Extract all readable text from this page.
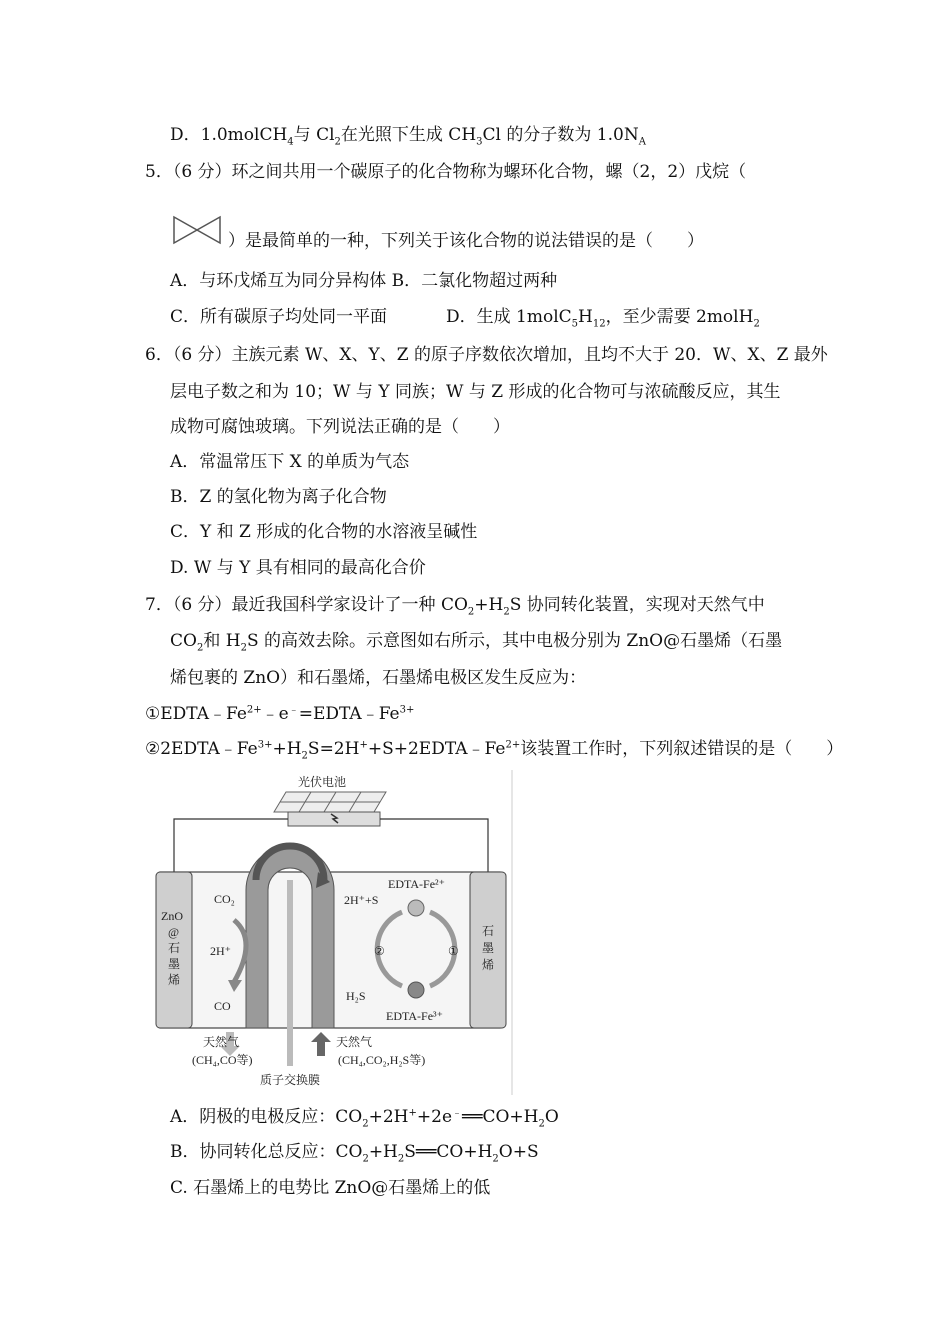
D．1.0molCH$_4$与 $Cl_2$在光照下生成 $CH_3Cl$ 的分子数为 $1.0N_A$
5．（6 分）环之间共用一个碳原子的化合物称为螺环化合物，螺（2，2）戊烷（
）是最简单的一种，下列关于该化合物的说法错误的是（　　）
A．与环戊烯互为同分异构体 B．二氯化物超过两种
C．所有碳原子均处同一平面	D．生成 $1molC_5H_{12}$，至少需要 2molH$_2$
6．（6 分）主族元素 W、X、Y、Z 的原子序数依次增加，且均不大于 20．W、X、Z 最外
层电子数之和为 10；W 与 Y 同族；W 与 Z 形成的化合物可与浓硫酸反应，其生
成物可腐蚀玻璃。下列说法正确的是（　　）
A．常温常压下 X 的单质为气态
B．Z 的氢化物为离子化合物
C．Y 和 Z 形成的化合物的水溶液呈碱性
D. W 与 Y 具有相同的最高化合价
7．（6 分）最近我国科学家设计了一种 $CO_2+H_2S$ 协同转化装置，实现对天然气中
$CO_2$和 $H_2S$ 的高效去除。示意图如右所示，其中电极分别为 ZnO@石墨烯（石墨
烯包裹的 ZnO）和石墨烯，石墨烯电极区发生反应为：
$①EDTA﹣Fe^{2+}﹣e^﹣=EDTA﹣Fe^{3+}$
$②2EDTA﹣Fe^{3+}+H_2S=2H^++S+2EDTA﹣Fe^{2+}$该装置工作时，下列叙述错误的是（　　）
光伏电池
ZnO
@
石
墨
烯
石
墨
烯
CO₂
2H⁺
CO
2H⁺+S
EDTA-Fe²⁺
EDTA-Fe³⁺
②	①
H₂S
天然气
(CH₄,CO等)
天然气
(CH₄,CO₂,H₂S等)
质子交换膜
A．阴极的电极反应：$CO_2+2H^++2e^﹣══CO+H_2O$
B．协同转化总反应：$CO_2+H_2S══CO+H_2O+S$
C. 石墨烯上的电势比 ZnO@石墨烯上的低
